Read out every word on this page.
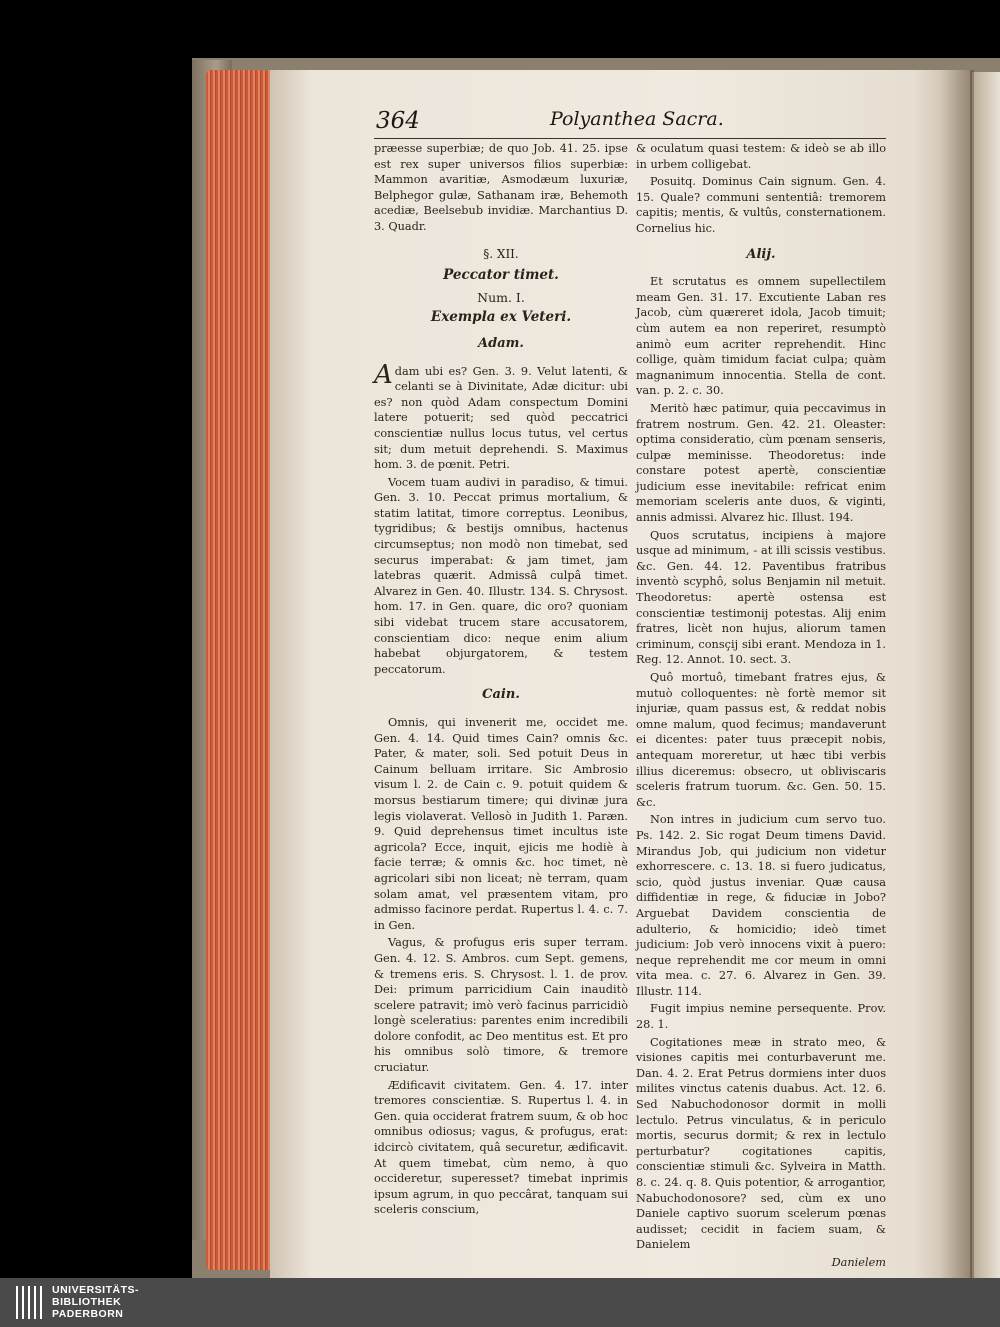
364	Polyanthea Sacra.

præesse superbiæ; de quo Job. 41. 25. ipse est rex super universos filios superbiæ: Mammon avaritiæ, Asmodæum luxuriæ, Belphegor gulæ, Sathanam iræ, Behemoth acediæ, Beelsebub invidiæ. Marchantius D. 3. Quadr.

§. XII.
Peccator timet.
Num. I.
Exempla ex Veteri.
Adam.

Adam ubi es? Gen. 3. 9. Velut latenti, & celanti se à Divinitate, Adæ dicitur: ubi es? non quòd Adam conspectum Domini latere potuerit; sed quòd peccatrici conscientiæ nullus locus tutus, vel certus sit; dum metuit deprehendi. S. Maximus hom. 3. de pœnit. Petri.

Vocem tuam audivi in paradiso, & timui. Gen. 3. 10. Peccat primus mortalium, & statim latitat, timore correptus. Leonibus, tygridibus; & bestijs omnibus, hactenus circumseptus; non modò non timebat, sed securus imperabat: & jam timet, jam latebras quærit. Admissâ culpâ timet. Alvarez in Gen. 40. Illustr. 134. S. Chrysost. hom. 17. in Gen. quare, dic oro? quoniam sibi videbat trucem stare accusatorem, conscientiam dico: neque enim alium habebat objurgatorem, & testem peccatorum.

Cain.

Omnis, qui invenerit me, occidet me. Gen. 4. 14. Quid times Cain? omnis &c. Pater, & mater, soli. Sed potuit Deus in Cainum belluam irritare. Sic Ambrosio visum l. 2. de Cain c. 9. potuit quidem & morsus bestiarum timere; qui divinæ jura legis violaverat. Vellosò in Judith 1. Paræn. 9. Quid deprehensus timet incultus iste agricola? Ecce, inquit, ejicis me hodiè à facie terræ; & omnis &c. hoc timet, nè agricolari sibi non liceat; nè terram, quam solam amat, vel præsentem vitam, pro admisso facinore perdat. Rupertus l. 4. c. 7. in Gen.

Vagus, & profugus eris super terram. Gen. 4. 12. S. Ambros. cum Sept. gemens, & tremens eris. S. Chrysost. l. 1. de prov. Dei: primum parricidium Cain inauditò scelere patravit; imò verò facinus parricidiò longè sceleratius: parentes enim incredibili dolore confodit, ac Deo mentitus est. Et pro his omnibus solò timore, & tremore cruciatur.

Ædificavit civitatem. Gen. 4. 17. inter tremores conscientiæ. S. Rupertus l. 4. in Gen. quia occiderat fratrem suum, & ob hoc omnibus odiosus; vagus, & profugus, erat: idcircò civitatem, quâ securetur, ædificavit. At quem timebat, cùm nemo, à quo occideretur, superesset? timebat inprimis ipsum agrum, in quo peccârat, tanquam sui sceleris conscium,

& oculatum quasi testem: & ideò se ab illo in urbem colligebat.

Posuitq. Dominus Cain signum. Gen. 4. 15. Quale? communi sententiâ: tremorem capitis; mentis, & vultûs, consternationem. Cornelius hic.

Alij.

Et scrutatus es omnem supellectilem meam Gen. 31. 17. Excutiente Laban res Jacob, cùm quæreret idola, Jacob timuit; cùm autem ea non reperiret, resumptò animò eum acriter reprehendit. Hinc collige, quàm timidum faciat culpa; quàm magnanimum innocentia. Stella de cont. van. p. 2. c. 30.

Meritò hæc patimur, quia peccavimus in fratrem nostrum. Gen. 42. 21. Oleaster: optima consideratio, cùm pœnam senseris, culpæ meminisse. Theodoretus: inde constare potest apertè, conscientiæ judicium esse inevitabile: refricat enim memoriam sceleris ante duos, & viginti, annis admissi. Alvarez hic. Illust. 194.

Quos scrutatus, incipiens à majore usque ad minimum, - at illi scissis vestibus. &c. Gen. 44. 12. Paventibus fratribus inventò scyphô, solus Benjamin nil metuit. Theodoretus: apertè ostensa est conscientiæ testimonij potestas. Alij enim fratres, licèt non hujus, aliorum tamen criminum, consçij sibi erant. Mendoza in 1. Reg. 12. Annot. 10. sect. 3.

Quô mortuô, timebant fratres ejus, & mutuò colloquentes: nè fortè memor sit injuriæ, quam passus est, & reddat nobis omne malum, quod fecimus; mandaverunt ei dicentes: pater tuus præcepit nobis, antequam moreretur, ut hæc tibi verbis illius diceremus: obsecro, ut obliviscaris sceleris fratrum tuorum. &c. Gen. 50. 15. &c.

Non intres in judicium cum servo tuo. Ps. 142. 2. Sic rogat Deum timens David. Mirandus Job, qui judicium non videtur exhorrescere. c. 13. 18. si fuero judicatus, scio, quòd justus inveniar. Quæ causa diffidentiæ in rege, & fiduciæ in Jobo? Arguebat Davidem conscientia de adulterio, & homicidio; ideò timet judicium: Job verò innocens vixit à puero: neque reprehendit me cor meum in omni vita mea. c. 27. 6. Alvarez in Gen. 39. Illustr. 114.

Fugit impius nemine persequente. Prov. 28. 1.

Cogitationes meæ in strato meo, & visiones capitis mei conturbaverunt me. Dan. 4. 2. Erat Petrus dormiens inter duos milites vinctus catenis duabus. Act. 12. 6. Sed Nabuchodonosor dormit in molli lectulo. Petrus vinculatus, & in periculo mortis, securus dormit; & rex in lectulo perturbatur? cogitationes capitis, conscientiæ stimuli &c. Sylveira in Matth. 8. c. 24. q. 8. Quis potentior, & arrogantior, Nabuchodonosore? sed, cùm ex uno Daniele captivo suorum scelerum pœnas audisset; cecidit in faciem suam, & Danielem

Danielem
UNIVERSITÄTS-
BIBLIOTHEK
PADERBORN
